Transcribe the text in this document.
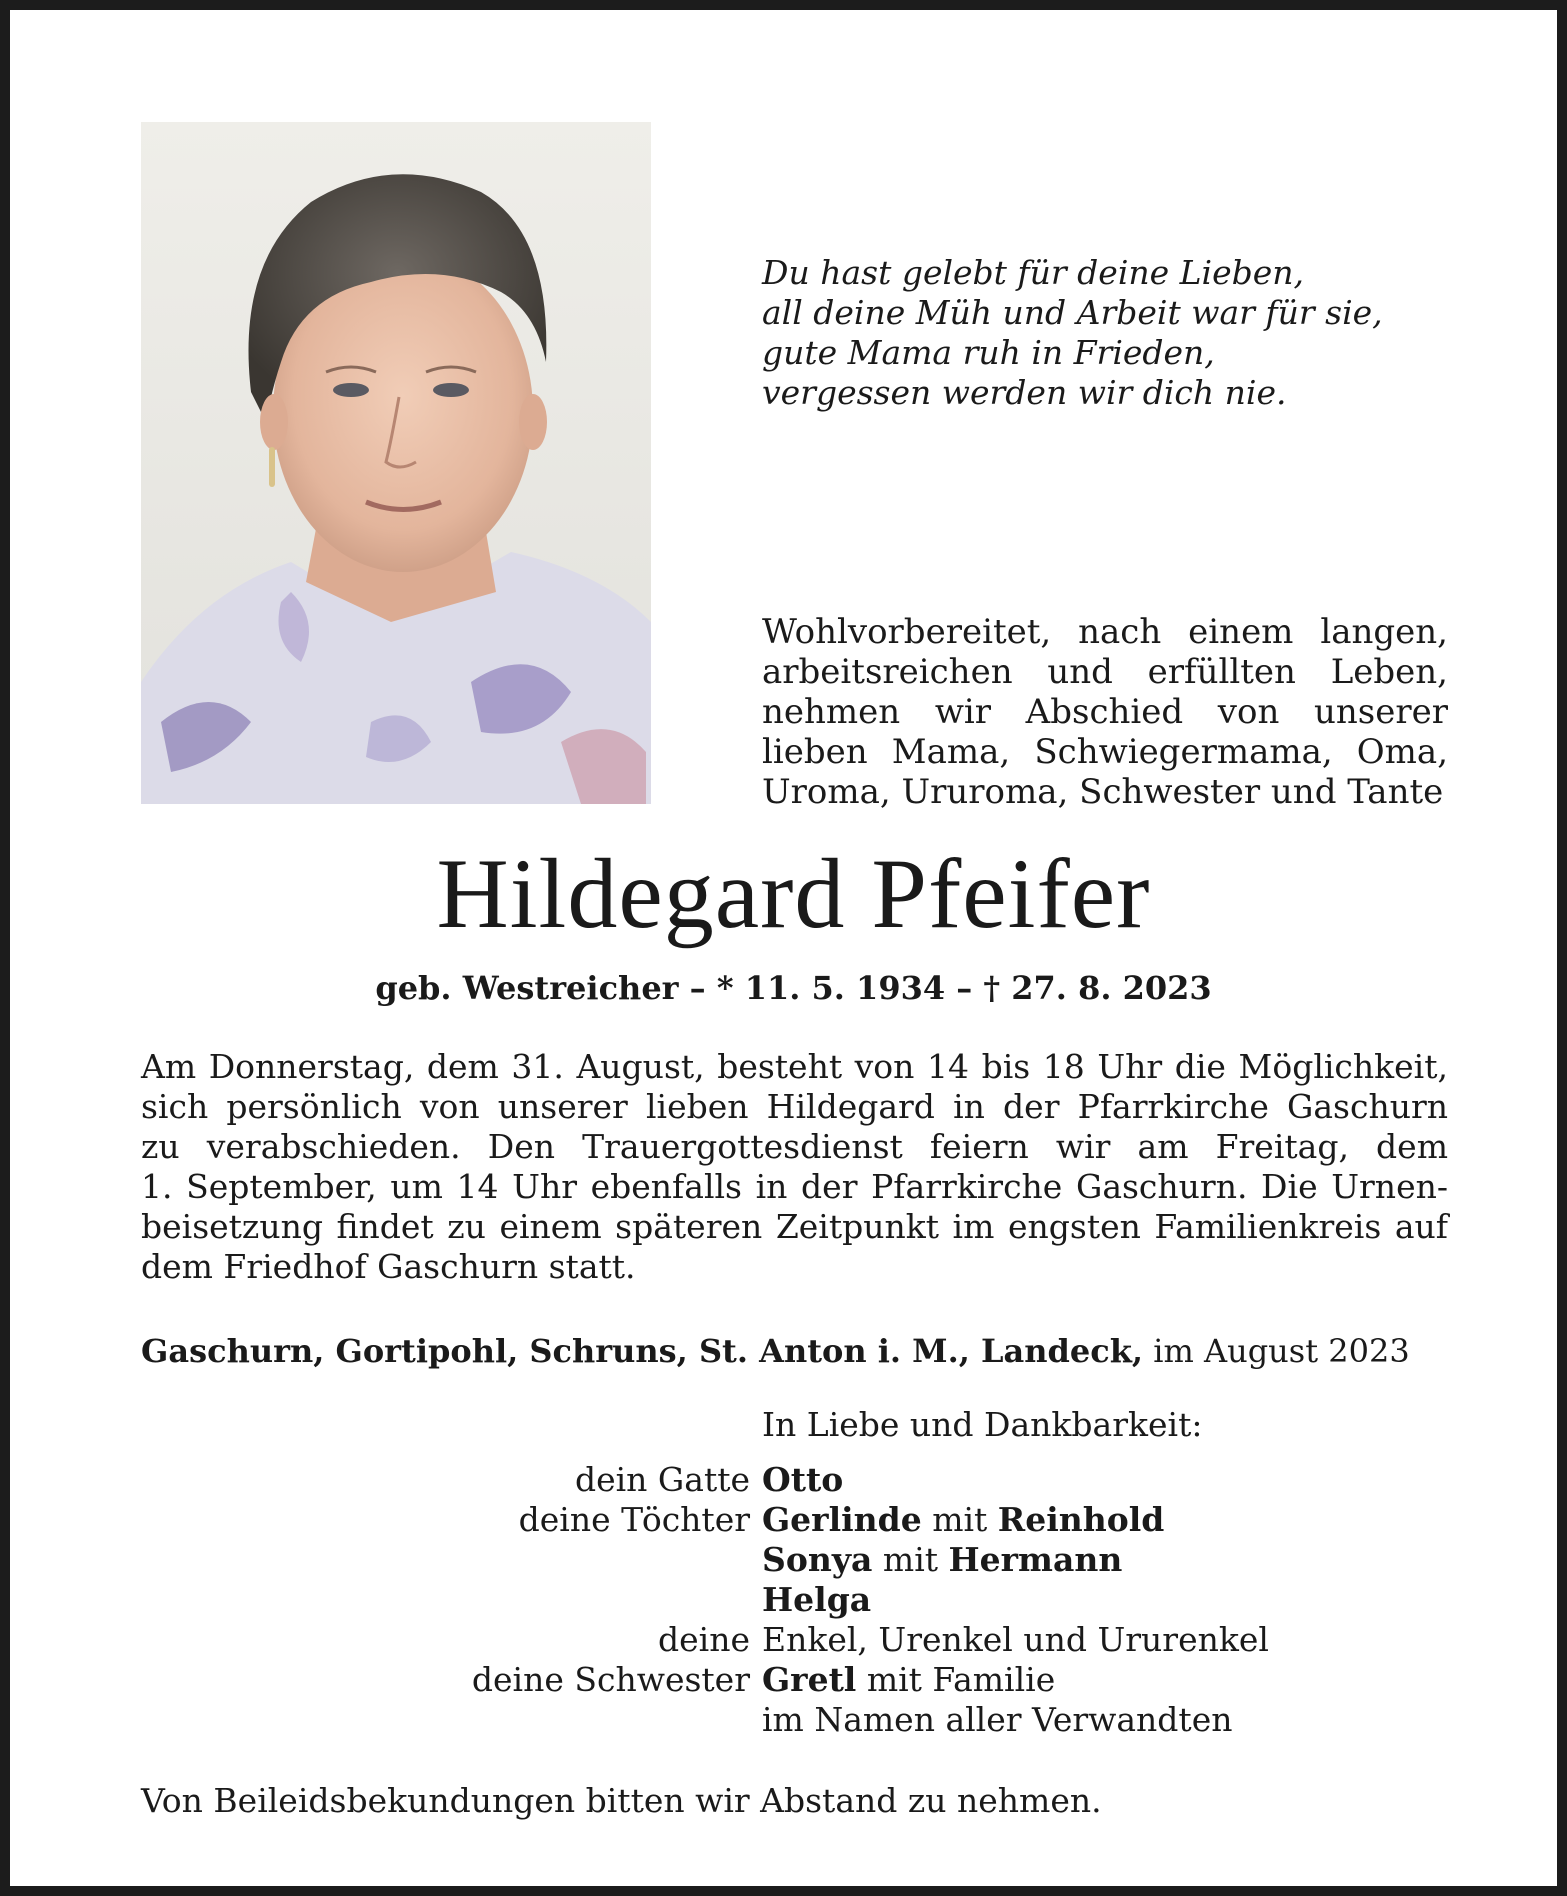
Du hast gelebt für deine Lieben,
all deine Müh und Arbeit war für sie,
gute Mama ruh in Frieden,
vergessen werden wir dich nie.
Wohlvorbereitet, nach einem langen, arbeitsreichen und erfüllten Leben, nehmen wir Abschied von unserer lieben Mama, Schwiegermama, Oma, Uroma, Ururoma, Schwester und Tante
Hildegard Pfeifer
geb. Westreicher – * 11. 5. 1934 – † 27. 8. 2023
Am Donnerstag, dem 31. August, besteht von 14 bis 18 Uhr die Möglichkeit,
sich persönlich von unserer lieben Hildegard in der Pfarrkirche Gaschurn
zu verabschieden. Den Trauergottesdienst feiern wir am Freitag, dem
1. September, um 14 Uhr ebenfalls in der Pfarrkirche Gaschurn. Die Urnen-
beisetzung findet zu einem späteren Zeitpunkt im engsten Familienkreis auf
dem Friedhof Gaschurn statt.
Gaschurn, Gortipohl, Schruns, St. Anton i. M., Landeck, im August 2023
In Liebe und Dankbarkeit:
dein Gatte Otto
deine Töchter Gerlinde mit Reinhold
Sonya mit Hermann
Helga
deine Enkel, Urenkel und Ururenkel
deine Schwester Gretl mit Familie
im Namen aller Verwandten
Von Beileidsbekundungen bitten wir Abstand zu nehmen.
